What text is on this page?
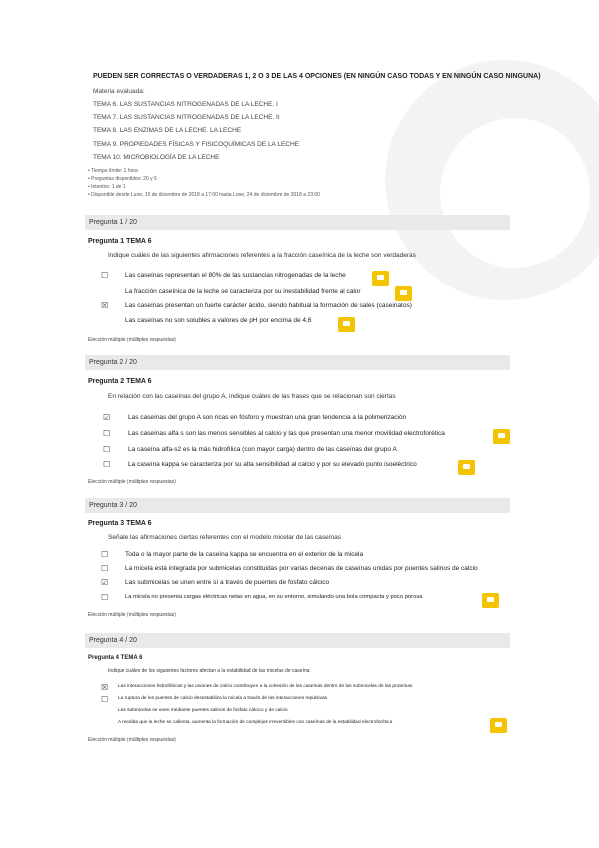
PUEDEN SER CORRECTAS O VERDADERAS 1, 2 O 3 DE LAS 4 OPCIONES (EN NINGÚN CASO TODAS Y EN NINGÚN CASO NINGUNA)
Materia evaluada:
TEMA 6. LAS SUSTANCIAS NITROGENADAS DE LA LECHE. I
TEMA 7. LAS SUSTANCIAS NITROGENADAS DE LA LECHE. II
TEMA 8. LAS ENZIMAS DE LA LECHE. LA LECHE
TEMA 9. PROPIEDADES FÍSICAS Y FISICOQUÍMICAS DE LA LECHE
TEMA 10. MICROBIOLOGÍA DE LA LECHE
• Tiempo límite: 1 hora
• Preguntas disponibles: 20 y 5
• Intentos: 1 de 1
• Disponible desde Lune, 10 de diciembre de 2018 a 17:00 hasta Lune, 24 de diciembre de 2018 a 23:00
Pregunta 1 / 20
Pregunta 1 TEMA 6
Indique cuáles de las siguientes afirmaciones referentes a la fracción caseínica de la leche son verdaderas
☐	Las caseínas representan el 80% de las sustancias nitrogenadas de la leche
La fracción caseínica de la leche se caracteriza por su inestabilidad frente al calor
☒	Las caseínas presentan un fuerte carácter ácido, siendo habitual la formación de sales (caseinatos)
Las caseínas no son solubles a valores de pH por encima de 4,6
Elección múltiple (múltiples respuestas)
Pregunta 2 / 20
Pregunta 2 TEMA 6
En relación con las caseínas del grupo A, indique cuáles de las frases que se relacionan son ciertas
☑	Las caseínas del grupo A son ricas en fósforo y muestran una gran tendencia a la polimerización
☐	Las caseínas alfa s son las menos sensibles al calcio y las que presentan una menor movilidad electroforética
☐	La caseína alfa-s2 es la más hidrofílica (con mayor carga) dentro de las caseínas del grupo A
☐	La caseína kappa se caracteriza por su alta sensibilidad al calcio y por su elevado punto isoeléctrico
Elección múltiple (múltiples respuestas)
Pregunta 3 / 20
Pregunta 3 TEMA 6
Señale las afirmaciones ciertas referentes con el modelo micelar de las caseínas
☐	Toda o la mayor parte de la caseína kappa se encuentra en el exterior de la micela
☐	La micela está integrada por submicelas constituidas por varias decenas de caseínas unidas por puentes salinos de calcio
☑	Las submicelas se unen entre sí a través de puentes de fosfato cálcico
☐	La micela no presenta cargas eléctricas netas en agua, en su entorno, simulando una bola compacta y poco porosa
Elección múltiple (múltiples respuestas)
Pregunta 4 / 20
Pregunta 4 TEMA 6
Indique cuáles de los siguientes factores afectan a la estabilidad de las micelas de caseína
☒ Las interacciones hidrofóbicas y las uniones de calcio contribuyen a la cohesión de las caseínas dentro de las submicelas de las proteínas
☐ La ruptura de los puentes de calcio desestabiliza la micela a través de las interacciones repulsivas
Las submicelas se unen mediante puentes salinos de fosfato cálcico y de calcio
A medida que la leche se calienta, aumenta la formación de complejos irreversibles con caseínas de la estabilidad electroforética
Elección múltiple (múltiples respuestas)
